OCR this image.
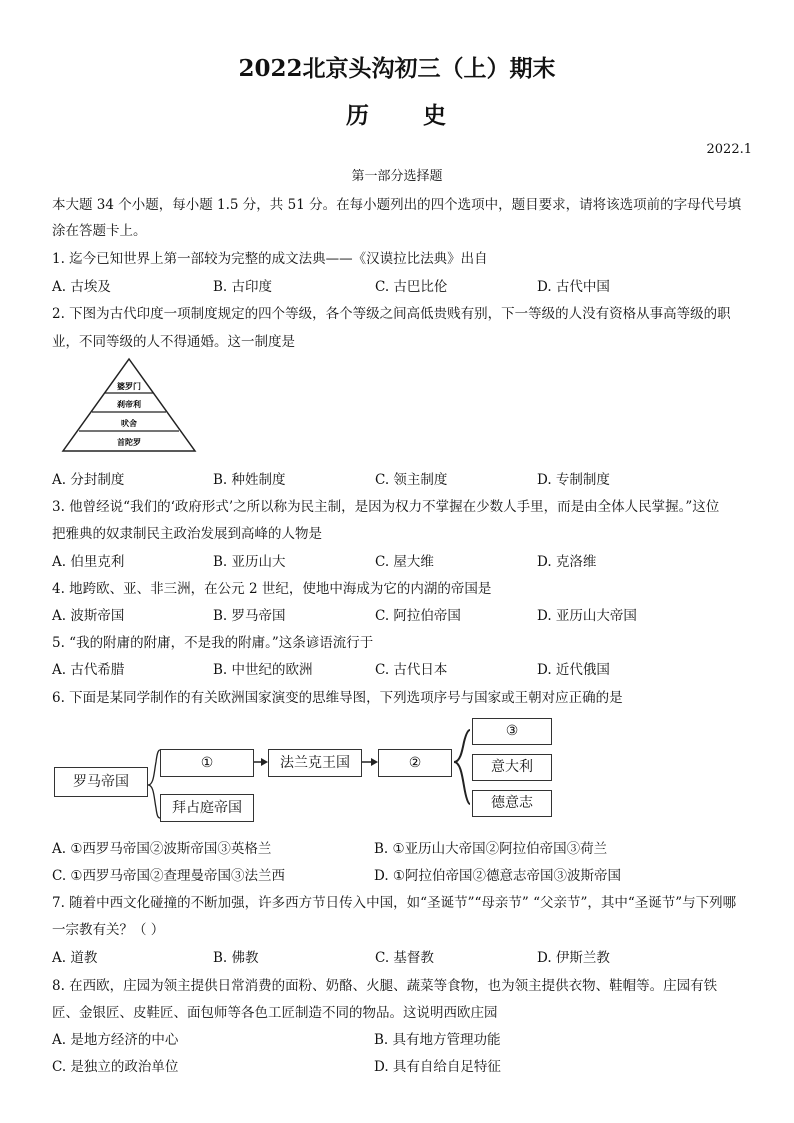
2022北京头沟初三（上）期末
历 史
2022.1
第一部分选择题
本大题 34 个小题，每小题 1.5 分，共 51 分。在每小题列出的四个选项中，题目要求，请将该选项前的字母代号填
涂在答题卡上。
1. 迄今已知世界上第一部较为完整的成文法典——《汉谟拉比法典》出自
A. 古埃及	B. 古印度	C. 古巴比伦	D. 古代中国
2. 下图为古代印度一项制度规定的四个等级，各个等级之间高低贵贱有别，下一等级的人没有资格从事高等级的职
业，不同等级的人不得通婚。这一制度是
婆罗门
刹帝利
吠舍
首陀罗
A. 分封制度	B. 种姓制度	C. 领主制度	D. 专制制度
3. 他曾经说“我们的‘政府形式’之所以称为民主制，是因为权力不掌握在少数人手里，而是由全体人民掌握。”这位
把雅典的奴隶制民主政治发展到高峰的人物是
A. 伯里克利	B. 亚历山大	C. 屋大维	D. 克洛维
4. 地跨欧、亚、非三洲，在公元 2 世纪，使地中海成为它的内湖的帝国是
A. 波斯帝国	B. 罗马帝国	C. 阿拉伯帝国	D. 亚历山大帝国
5. “我的附庸的附庸，不是我的附庸。”这条谚语流行于
A. 古代希腊	B. 中世纪的欧洲	C. 古代日本	D. 近代俄国
6. 下面是某同学制作的有关欧洲国家演变的思维导图，下列选项序号与国家或王朝对应正确的是
罗马帝国
①
拜占庭帝国
法兰克王国	②
③
意大利
德意志
A. ①西罗马帝国②波斯帝国③英格兰	B. ①亚历山大帝国②阿拉伯帝国③荷兰
C. ①西罗马帝国②查理曼帝国③法兰西	D. ①阿拉伯帝国②德意志帝国③波斯帝国
7. 随着中西文化碰撞的不断加强，许多西方节日传入中国，如“圣诞节”“母亲节” “父亲节”，其中“圣诞节”与下列哪
一宗教有关？（ ）
A. 道教	B. 佛教	C. 基督教	D. 伊斯兰教
8. 在西欧，庄园为领主提供日常消费的面粉、奶酪、火腿、蔬菜等食物，也为领主提供衣物、鞋帽等。庄园有铁
匠、金银匠、皮鞋匠、面包师等各色工匠制造不同的物品。这说明西欧庄园
A. 是地方经济的中心	B. 具有地方管理功能
C. 是独立的政治单位	D. 具有自给自足特征
